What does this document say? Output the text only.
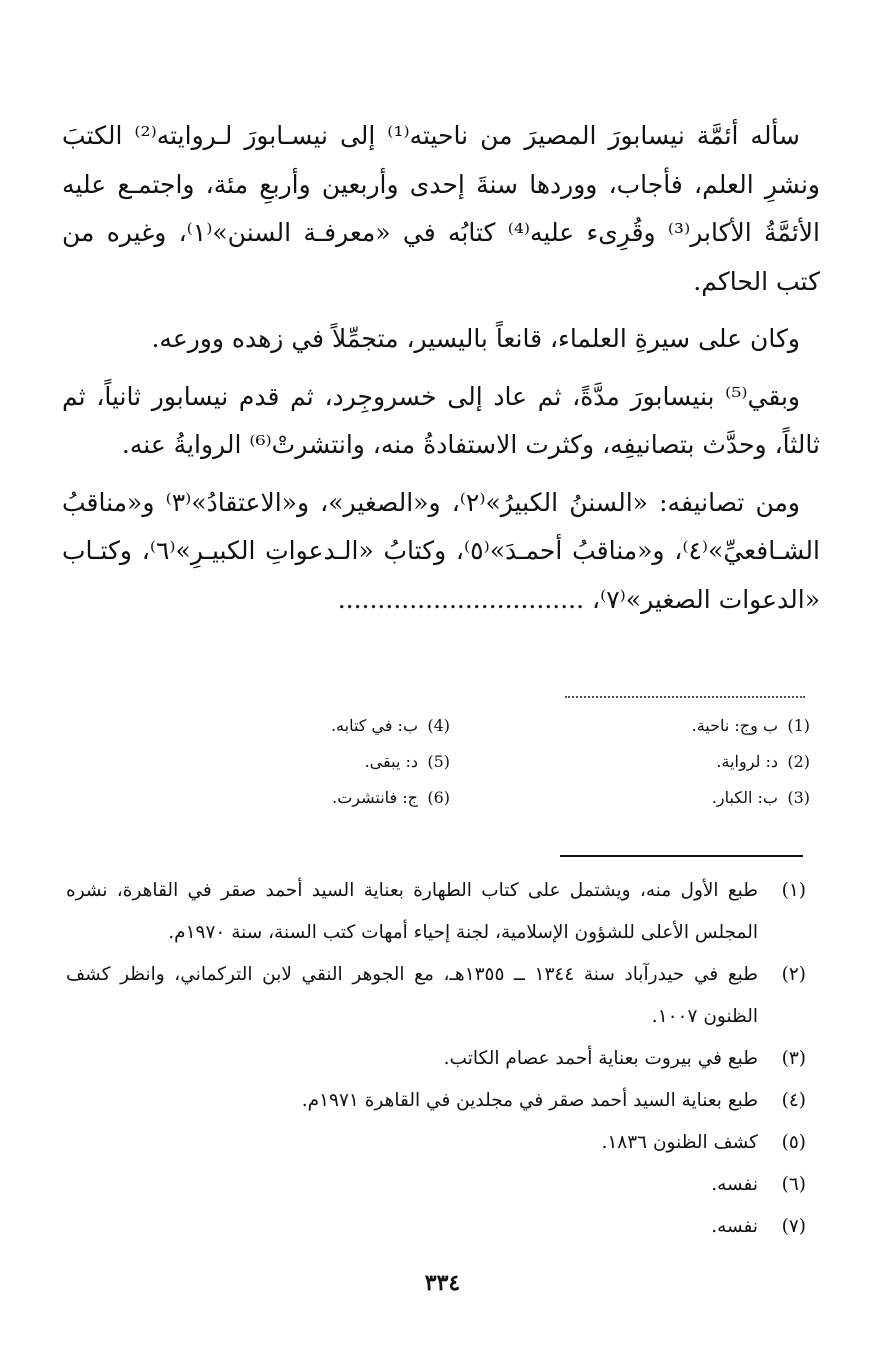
سأله أئمَّة نيسابورَ المصيرَ من ناحيته⁽¹⁾ إلى نيسـابورَ لـروايته⁽²⁾ الكتبَ ونشرِ العلم، فأجاب، ووردها سنةَ إحدى وأربعين وأربعِ مئة، واجتمـع عليه الأئمَّةُ الأكابر⁽³⁾ وقُرِىء عليه⁽⁴⁾ كتابُه في «معرفـة السنن»⁽١⁾، وغيره من كتب الحاكم.

وكان على سيرةِ العلماء، قانعاً باليسير، متجمِّلاً في زهده وورعه.

وبقي⁽⁵⁾ بنيسابورَ مدَّةً، ثم عاد إلى خسروجِرد، ثم قدم نيسابور ثانياً، ثم ثالثاً، وحدَّث بتصانيفِه، وكثرت الاستفادةُ منه، وانتشرتْ⁽⁶⁾ الروايةُ عنه.

ومن تصانيفه: «السننُ الكبيرُ»⁽٢⁾، و«الصغير»، و«الاعتقادُ»⁽٣⁾ و«مناقبُ الشـافعيِّ»⁽٤⁾، و«مناقبُ أحمـدَ»⁽٥⁾، وكتابُ «الـدعواتِ الكبيـرِ»⁽٦⁾، وكتـاب «الدعوات الصغير»⁽٧⁾، ...............................

(1)ب وج: ناحية.
(4)ب: في كتابه.
(2)د: لرواية.
(5)د: يبقى.
(3)ب: الكبار.
(6)ج: فانتشرت.
(١)
طبع الأول منه، ويشتمل على كتاب الطهارة بعناية السيد أحمد صقر في القاهرة، نشره المجلس الأعلى للشؤون الإسلامية، لجنة إحياء أمهات كتب السنة، سنة ١٩٧٠م.
(٢)
طبع في حيدرآباد سنة ١٣٤٤ ــ ١٣٥٥هـ، مع الجوهر النقي لابن التركماني، وانظر كشف الظنون ١٠٠٧.
(٣)
طبع في بيروت بعناية أحمد عصام الكاتب.
(٤)
طبع بعناية السيد أحمد صقر في مجلدين في القاهرة ١٩٧١م.
(٥)
كشف الظنون ١٨٣٦.
(٦)
نفسه.
(٧)
نفسه.
٣٣٤
